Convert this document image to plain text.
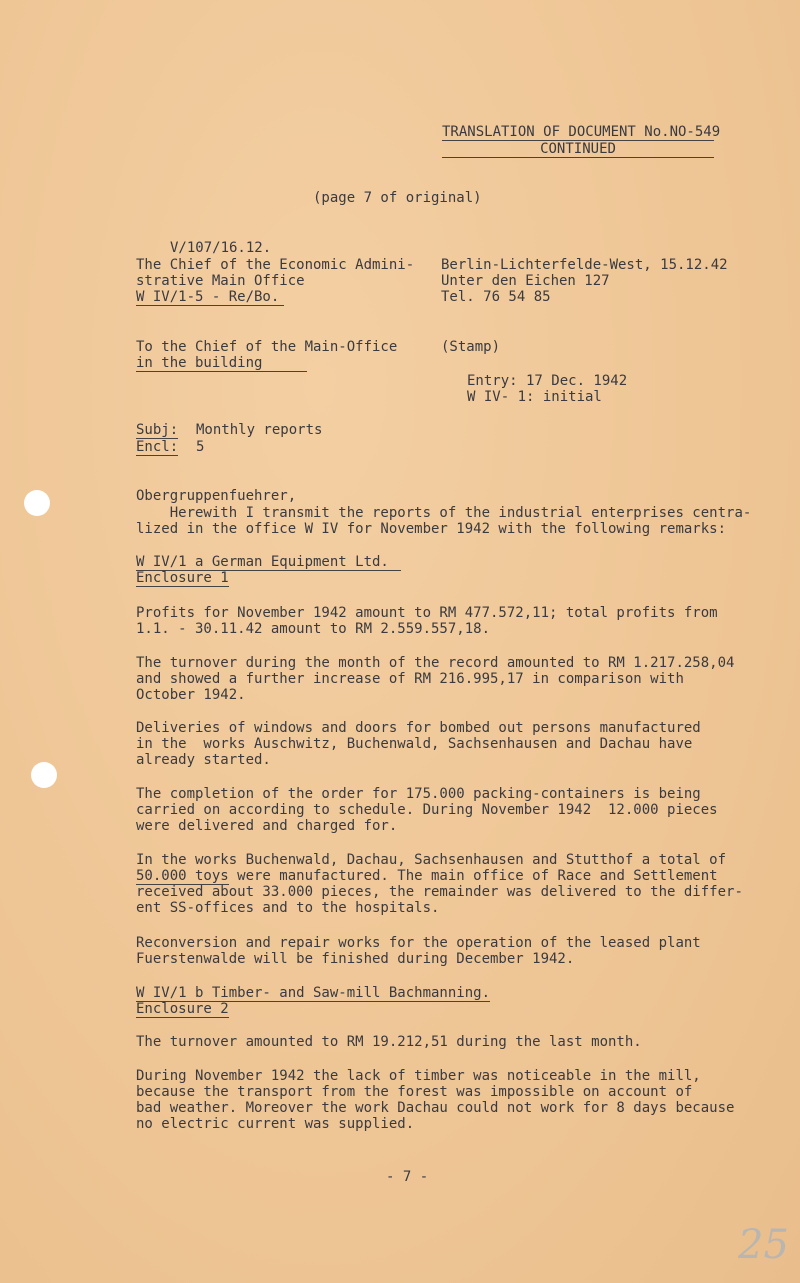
TRANSLATION OF DOCUMENT No.NO-549
CONTINUED
(page 7 of original)
V/107/16.12.
The Chief of the Economic Admini-
strative Main Office
W IV/1-5 - Re/Bo.
Berlin-Lichterfelde-West, 15.12.42
Unter den Eichen 127
Tel. 76 54 85
To the Chief of the Main-Office
in the building
(Stamp)
Entry: 17 Dec. 1942
W IV- 1: initial
Subj: Monthly reports
Encl: 5
Obergruppenfuehrer,
Herewith I transmit the reports of the industrial enterprises centra-
lized in the office W IV for November 1942 with the following remarks:
W IV/1 a German Equipment Ltd.
Enclosure 1
Profits for November 1942 amount to RM 477.572,11; total profits from
1.1. - 30.11.42 amount to RM 2.559.557,18.
The turnover during the month of the record amounted to RM 1.217.258,04
and showed a further increase of RM 216.995,17 in comparison with
October 1942.
Deliveries of windows and doors for bombed out persons manufactured
in the  works Auschwitz, Buchenwald, Sachsenhausen and Dachau have
already started.
The completion of the order for 175.000 packing-containers is being
carried on according to schedule. During November 1942  12.000 pieces
were delivered and charged for.
In the works Buchenwald, Dachau, Sachsenhausen and Stutthof a total of
50.000 toys were manufactured. The main office of Race and Settlement
received about 33.000 pieces, the remainder was delivered to the differ-
ent SS-offices and to the hospitals.
Reconversion and repair works for the operation of the leased plant
Fuerstenwalde will be finished during December 1942.
W IV/1 b Timber- and Saw-mill Bachmanning.
Enclosure 2
The turnover amounted to RM 19.212,51 during the last month.
During November 1942 the lack of timber was noticeable in the mill,
because the transport from the forest was impossible on account of
bad weather. Moreover the work Dachau could not work for 8 days because
no electric current was supplied.
- 7 -
25
